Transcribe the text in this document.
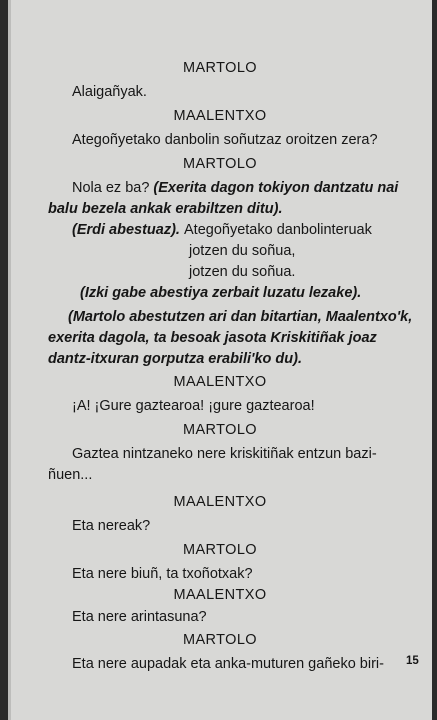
MARTOLO
Alaigañyak.
MAALENTXO
Ategoñyetako danbolin soñutzaz oroitzen zera?
MARTOLO
Nola ez ba? (Exerita dagon tokiyon dantzatu nai
balu bezela ankak erabiltzen ditu).
(Erdi abestuaz). Ategoñyetako danbolinteruak
jotzen du soñua,
jotzen du soñua.
(Izki gabe abestiya zerbait luzatu lezake).
(Martolo abestutzen ari dan bitartian, Maalentxo'k,
exerita dagola, ta besoak jasota Kriskitiñak joaz
dantz-itxuran gorputza erabili'ko du).
MAALENTXO
¡A! ¡Gure gaztearoa! ¡gure gaztearoa!
MARTOLO
Gaztea nintzaneko nere kriskitiñak entzun bazi-
ñuen...
MAALENTXO
Eta nereak?
MARTOLO
Eta nere biuñ, ta txoñotxak?
MAALENTXO
Eta nere arintasuna?
MARTOLO
Eta nere aupadak eta anka-muturen gañeko biri- 15
